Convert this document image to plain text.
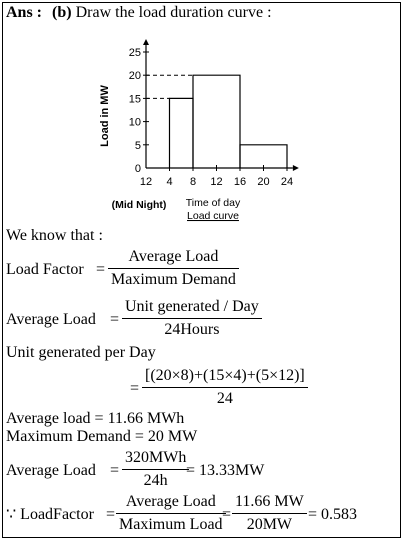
Ans : (b) Draw the load duration curve :
0
5
10
15
20
25
12 4 8 12 16 20 24
Load in MW
(Mid Night) Time of day
Load curve
We know that :
Load Factor =
Average Load
Maximum Demand
Average Load =
Unit generated / Day
24Hours
Unit generated per Day
=
[(20×8)+(15×4)+(5×12)]
24
Average load = 11.66 MWh
Maximum Demand = 20 MW
Average Load =
320MWh
24h
= 13.33MW
∵ LoadFactor =
Average Load
Maximum Load
=
11.66 MW
20MW
= 0.583
